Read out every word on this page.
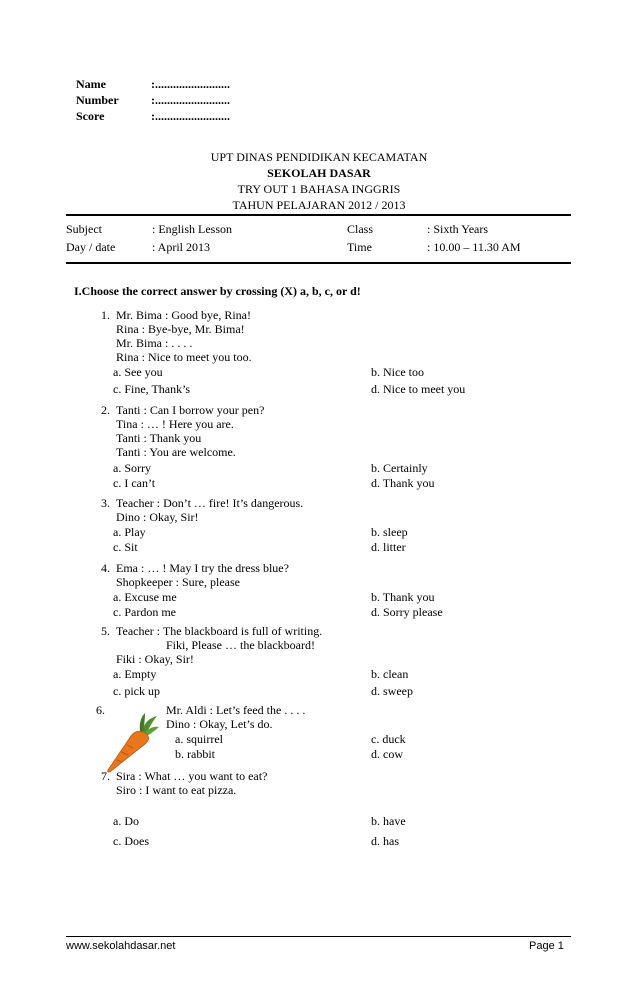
Name	:.........................
Number	:.........................
Score	:.........................
UPT DINAS PENDIDIKAN KECAMATAN
SEKOLAH DASAR
TRY OUT 1 BAHASA INGGRIS
TAHUN PELAJARAN 2012 / 2013
Subject	: English Lesson	Class	: Sixth Years
Day / date	: April 2013	Time	: 10.00 – 11.30 AM
I.Choose the correct answer by crossing (X) a, b, c, or d!
1. Mr. Bima : Good bye, Rina!
Rina : Bye-bye, Mr. Bima!
Mr. Bima : . . . .
Rina : Nice to meet you too.
a. See you	b. Nice too
c. Fine, Thank’s	d. Nice to meet you
2. Tanti : Can I borrow your pen?
Tina : … ! Here you are.
Tanti : Thank you
Tanti : You are welcome.
a. Sorry	b. Certainly
c. I can’t	d. Thank you
3. Teacher : Don’t … fire! It’s dangerous.
Dino : Okay, Sir!
a. Play	b. sleep
c. Sit	d. litter
4. Ema : … ! May I try the dress blue?
Shopkeeper : Sure, please
a. Excuse me	b. Thank you
c. Pardon me	d. Sorry please
5. Teacher : The blackboard is full of writing.
Fiki, Please … the blackboard!
Fiki : Okay, Sir!
a. Empty	b. clean
c. pick up	d. sweep
6.	Mr. Aldi : Let’s feed the . . . .
Dino : Okay, Let’s do.
a. squirrel	c. duck
b. rabbit	d. cow
7. Sira : What … you want to eat?
Siro : I want to eat pizza.
a. Do	b. have
c. Does	d. has
www.sekolahdasar.net	Page 1
